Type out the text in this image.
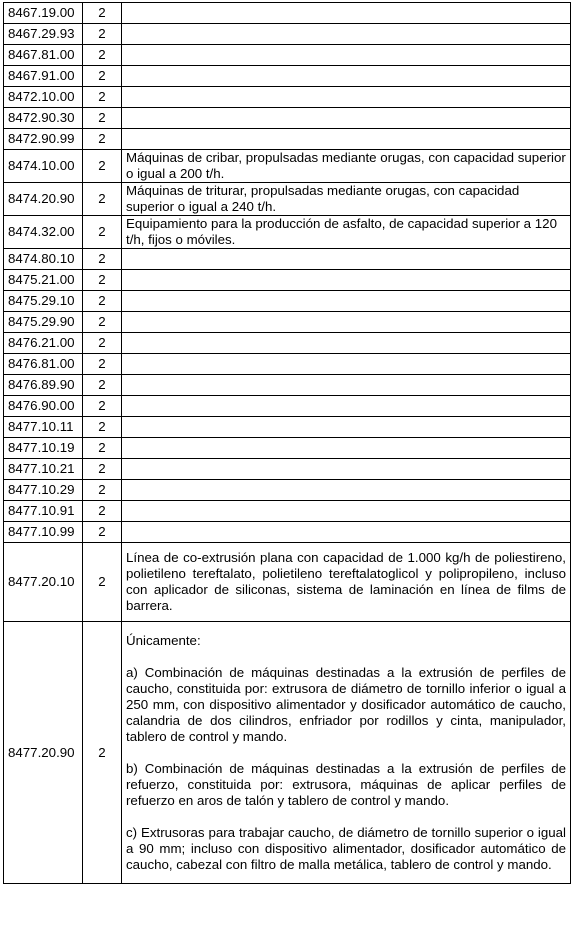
8467.19.00	2	
8467.29.93	2	
8467.81.00	2	
8467.91.00	2	
8472.10.00	2	
8472.90.30	2	
8472.90.99	2	
8474.10.00	2	Máquinas de cribar, propulsadas mediante orugas, con capacidad superior o igual a 200 t/h.
8474.20.90	2	Máquinas de triturar, propulsadas mediante orugas, con capacidad superior o igual a 240 t/h.
8474.32.00	2	Equipamiento para la producción de asfalto, de capacidad superior a 120 t/h, fijos o móviles.
8474.80.10	2	
8475.21.00	2	
8475.29.10	2	
8475.29.90	2	
8476.21.00	2	
8476.81.00	2	
8476.89.90	2	
8476.90.00	2	
8477.10.11	2	
8477.10.19	2	
8477.10.21	2	
8477.10.29	2	
8477.10.91	2	
8477.10.99	2	
8477.20.10	2	Línea de co-extrusión plana con capacidad de 1.000 kg/h de poliestireno, polietileno tereftalato, polietileno tereftalatoglicol y polipropileno, incluso con aplicador de siliconas, sistema de laminación en línea de films de barrera.
8477.20.90	2	Únicamente:
a) Combinación de máquinas destinadas a la extrusión de perfiles de caucho, constituida por: extrusora de diámetro de tornillo inferior o igual a 250 mm, con dispositivo alimentador y dosificador automático de caucho, calandria de dos cilindros, enfriador por rodillos y cinta, manipulador, tablero de control y mando.
b) Combinación de máquinas destinadas a la extrusión de perfiles de refuerzo, constituida por: extrusora, máquinas de aplicar perfiles de refuerzo en aros de talón y tablero de control y mando.
c) Extrusoras para trabajar caucho, de diámetro de tornillo superior o igual a 90 mm; incluso con dispositivo alimentador, dosificador automático de caucho, cabezal con filtro de malla metálica, tablero de control y mando.
